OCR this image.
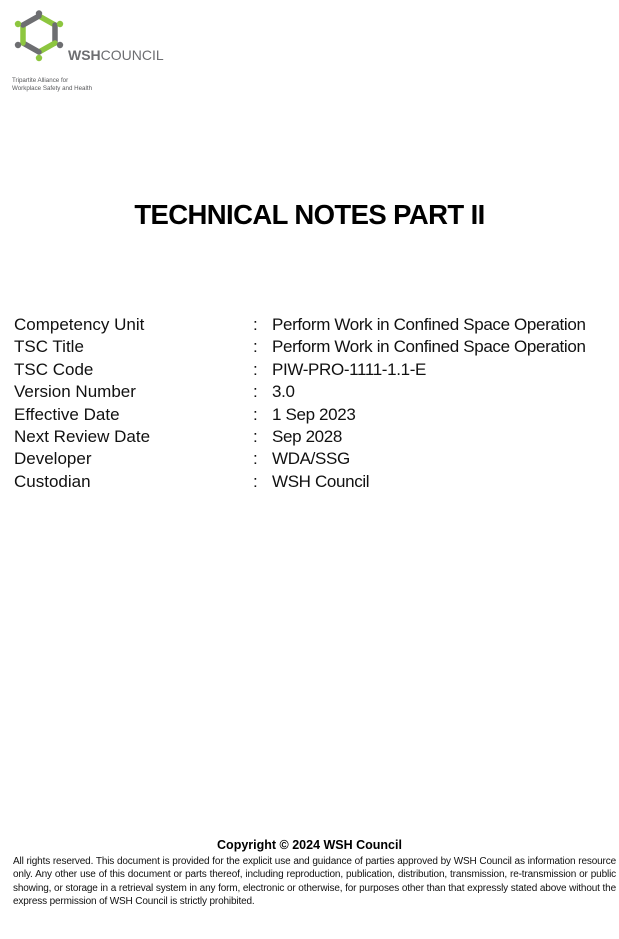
WSHCOUNCIL
Tripartite Alliance for
Workplace Safety and Health
TECHNICAL NOTES PART II
Competency Unit	: Perform Work in Confined Space Operation
TSC Title	: Perform Work in Confined Space Operation
TSC Code	: PIW-PRO-1111-1.1-E
Version Number	: 3.0
Effective Date	: 1 Sep 2023
Next Review Date	: Sep 2028
Developer	: WDA/SSG
Custodian	: WSH Council
Copyright © 2024 WSH Council
All rights reserved. This document is provided for the explicit use and guidance of parties approved by WSH Council as information resource only. Any other use of this document or parts thereof, including reproduction, publication, distribution, transmission, re-transmission or public showing, or storage in a retrieval system in any form, electronic or otherwise, for purposes other than that expressly stated above without the express permission of WSH Council is strictly prohibited.
